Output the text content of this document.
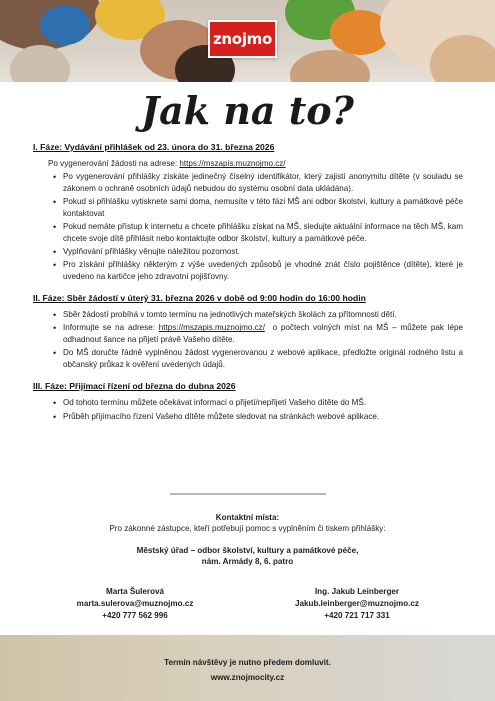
znojmo
Jak na to?
I. Fáze: Vydávání přihlášek od 23. února do 31. března 2026
Po vygenerování žádosti na adrese: https://mszapis.muznojmo.cz/
• Po vygenerování přihlášky získáte jedinečný číselný identifikátor, který zajistí anonymitu dítěte (v souladu se zákonem o ochraně osobních údajů nebudou do systému osobní data ukládána).
• Pokud si přihlášku vytisknete sami doma, nemusíte v této fázi MŠ ani odbor školství, kultury a památkové péče kontaktovat
• Pokud nemáte přístup k internetu a chcete přihlášku získat na MŠ, sledujte aktuální informace na těch MŠ, kam chcete svoje dítě přihlásit nebo kontaktujte odbor školství, kultury a památkové péče.
• Vyplňování přihlášky věnujte náležitou pozornost.
• Pro získání přihlášky některým z výše uvedených způsobů je vhodné znát číslo pojištěnce (dítěte), které je uvedeno na kartičce jeho zdravotní pojišťovny.
II. Fáze: Sběr žádostí v úterý 31. března 2026 v době od 9:00 hodin do 16:00 hodin
• Sběr žádostí probíhá v tomto termínu na jednotlivých mateřských školách za přítomnosti dětí.
• Informujte se na adrese: https://mszapis.muznojmo.cz/  o počtech volných míst na MŠ – můžete pak lépe odhadnout šance na přijetí právě Vašeho dítěte.
• Do MŠ doručte řádně vyplněnou žádost vygenerovanou z webové aplikace, předložte originál rodného listu a občanský průkaz k ověření uvedených údajů.
III. Fáze: Přijímací řízení od března do dubna 2026
• Od tohoto termínu můžete očekávat informaci o přijetí/nepřijetí Vašeho dítěte do MŠ.
• Průběh přijímacího řízení Vašeho dítěte můžete sledovat na stránkách webové aplikace.
Kontaktní místa:
Pro zákonné zástupce, kteří potřebují pomoc s vyplněním či tiskem přihlášky:
Městský úřad – odbor školství, kultury a památkové péče,
nám. Armády 8, 6. patro
Marta Šulerová
marta.sulerova@muznojmo.cz
+420 777 562 996
Ing. Jakub Leinberger
Jakub.leinberger@muznojmo.cz
+420 721 717 331
Termín návštěvy je nutno předem domluvit.
www.znojmocity.cz
